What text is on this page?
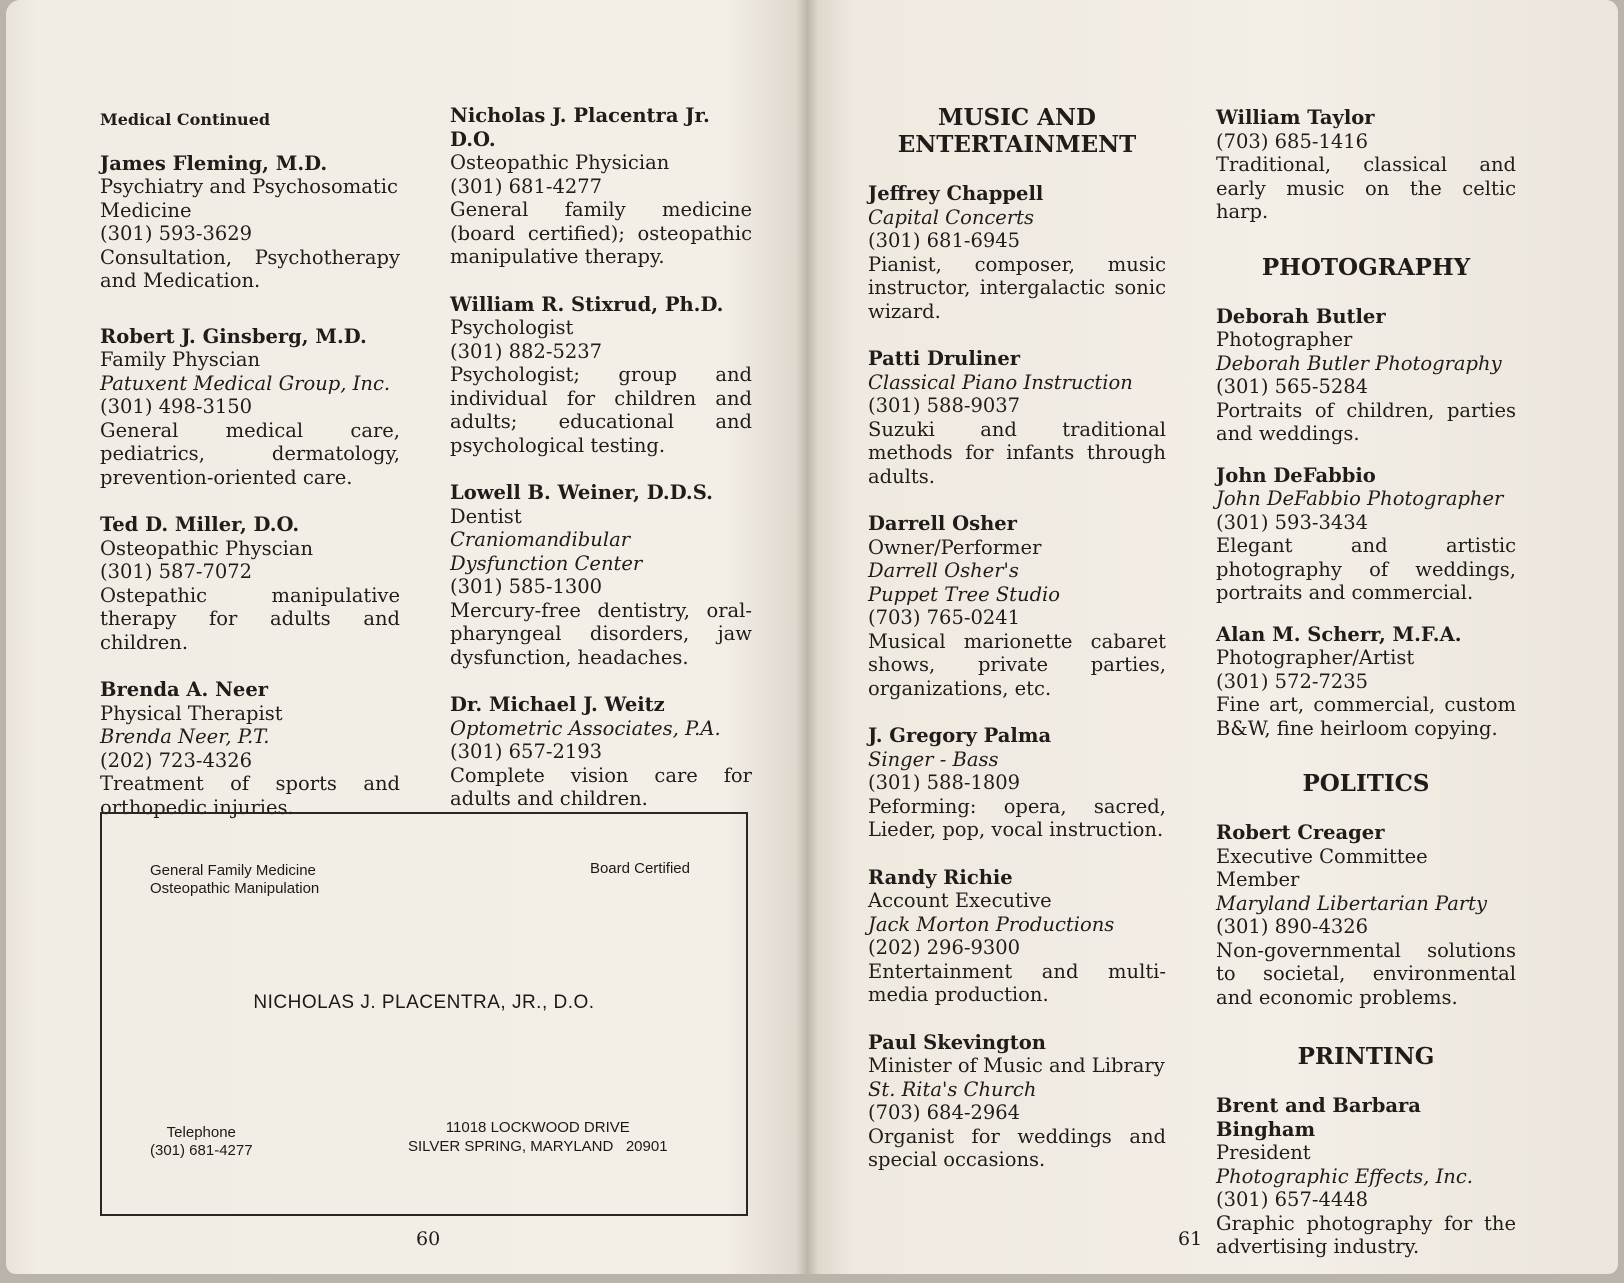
Medical Continued
James Fleming, M.D.
Psychiatry and Psychosomatic Medicine
(301) 593-3629
Consultation, Psychotherapy and Medication.
Robert J. Ginsberg, M.D.
Family Physcian
Patuxent Medical Group, Inc.
(301) 498-3150
General medical care, pediatrics, dermatology, prevention-oriented care.
Ted D. Miller, D.O.
Osteopathic Physcian
(301) 587-7072
Ostepathic manipulative therapy for adults and children.
Brenda A. Neer
Physical Therapist
Brenda Neer, P.T.
(202) 723-4326
Treatment of sports and orthopedic injuries.
Nicholas J. Placentra Jr. D.O.
Osteopathic Physician
(301) 681-4277
General family medicine (board certified); osteopathic manipulative therapy.
William R. Stixrud, Ph.D.
Psychologist
(301) 882-5237
Psychologist; group and individual for children and adults; educational and psychological testing.
Lowell B. Weiner, D.D.S.
Dentist
Craniomandibular Dysfunction Center
(301) 585-1300
Mercury-free dentistry, oral-pharyngeal disorders, jaw dysfunction, headaches.
Dr. Michael J. Weitz
Optometric Associates, P.A.
(301) 657-2193
Complete vision care for adults and children.
General Family Medicine
Osteopathic Manipulation
Board Certified
NICHOLAS J. PLACENTRA, JR., D.O.
Telephone
(301) 681-4277
11018 LOCKWOOD DRIVE
SILVER SPRING, MARYLAND   20901
60
MUSIC AND
ENTERTAINMENT
Jeffrey Chappell
Capital Concerts
(301) 681-6945
Pianist, composer, music instructor, intergalactic sonic wizard.
Patti Druliner
Classical Piano Instruction
(301) 588-9037
Suzuki and traditional methods for infants through adults.
Darrell Osher
Owner/Performer
Darrell Osher's
Puppet Tree Studio
(703) 765-0241
Musical marionette cabaret shows, private parties, organizations, etc.
J. Gregory Palma
Singer - Bass
(301) 588-1809
Peforming: opera, sacred, Lieder, pop, vocal instruction.
Randy Richie
Account Executive
Jack Morton Productions
(202) 296-9300
Entertainment and multi-media production.
Paul Skevington
Minister of Music and Library
St. Rita's Church
(703) 684-2964
Organist for weddings and special occasions.
William Taylor
(703) 685-1416
Traditional, classical and early music on the celtic harp.
PHOTOGRAPHY
Deborah Butler
Photographer
Deborah Butler Photography
(301) 565-5284
Portraits of children, parties and weddings.
John DeFabbio
John DeFabbio Photographer
(301) 593-3434
Elegant and artistic photography of weddings, portraits and commercial.
Alan M. Scherr, M.F.A.
Photographer/Artist
(301) 572-7235
Fine art, commercial, custom B&W, fine heirloom copying.
POLITICS
Robert Creager
Executive Committee Member
Maryland Libertarian Party
(301) 890-4326
Non-governmental solutions to societal, environmental and economic problems.
PRINTING
Brent and Barbara Bingham
President
Photographic Effects, Inc.
(301) 657-4448
Graphic photography for the advertising industry.
61
